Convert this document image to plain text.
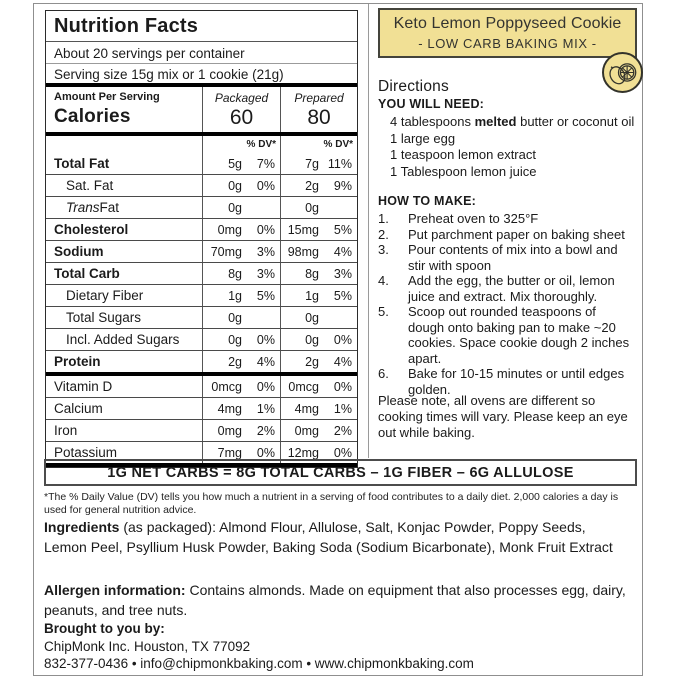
Nutrition Facts
About 20 servings per container
Serving size 15g mix or 1 cookie (21g)
Amount Per Serving
Calories
Packaged
60
Prepared
80
% DV*	% DV*
Total Fat	5g	7%	7g 11%
Sat. Fat	0g	0%	2g	9%
Trans Fat	0g	0g
Cholesterol	0mg	0%	15mg	5%
Sodium	70mg	3%	98mg	4%
Total Carb	8g	3%	8g	3%
Dietary Fiber	1g	5%	1g	5%
Total Sugars	0g	0g
Incl. Added Sugars	0g	0%	0g	0%
Protein	2g	4%	2g	4%
Vitamin D	0mcg	0%	0mcg	0%
Calcium	4mg	1%	4mg	1%
Iron	0mg	2%	0mg	2%
Potassium	7mg	0%	12mg	0%
Keto Lemon Poppyseed Cookie
- LOW CARB BAKING MIX -
Directions
YOU WILL NEED:
4 tablespoons melted butter or coconut oil
1 large egg
1 teaspoon lemon extract
1 Tablespoon lemon juice
HOW TO MAKE:
1.	Preheat oven to 325°F
2.	Put parchment paper on baking sheet
3.	Pour contents of mix into a bowl and stir with spoon
4.	Add the egg, the butter or oil, lemon juice and extract. Mix thoroughly.
5.	Scoop out rounded teaspoons of dough onto baking pan to make ~20 cookies. Space cookie dough 2 inches apart.
6.	Bake for 10-15 minutes or until edges golden.
Please note, all ovens are different so cooking times will vary. Please keep an eye out while baking.
1G NET CARBS = 8G TOTAL CARBS – 1G FIBER – 6G ALLULOSE
*The % Daily Value (DV) tells you how much a nutrient in a serving of food contributes to a daily diet. 2,000 calories a day is used for general nutrition advice.
Ingredients (as packaged): Almond Flour, Allulose, Salt, Konjac Powder, Poppy Seeds, Lemon Peel, Psyllium Husk Powder, Baking Soda (Sodium Bicarbonate), Monk Fruit Extract
Allergen information: Contains almonds. Made on equipment that also processes egg, dairy, peanuts, and tree nuts.
Brought to you by:
ChipMonk Inc. Houston, TX 77092
832-377-0436 • info@chipmonkbaking.com • www.chipmonkbaking.com
